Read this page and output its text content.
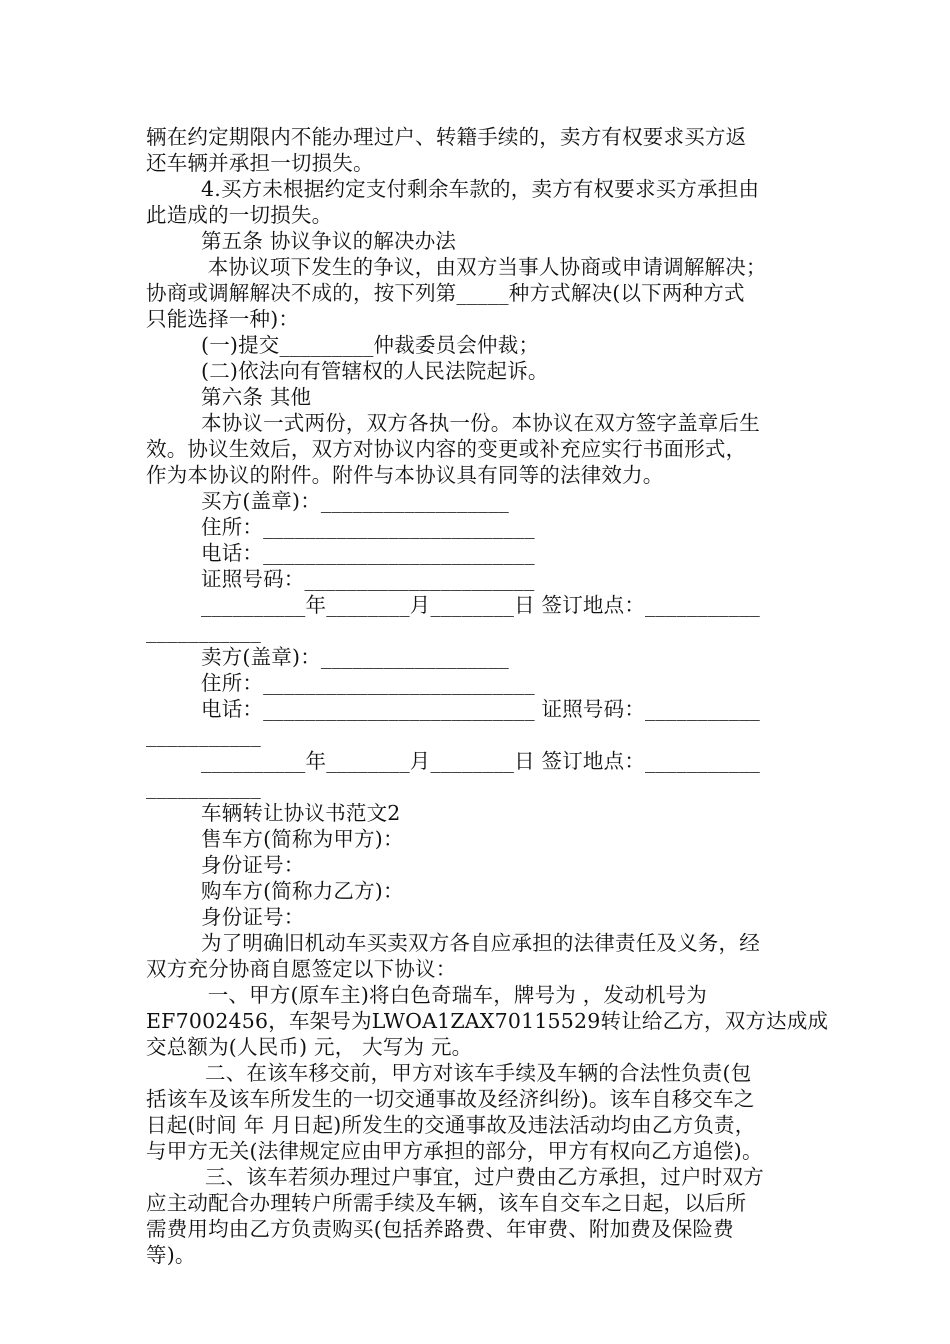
辆在约定期限内不能办理过户、转籍手续的，卖方有权要求买方返
还车辆并承担一切损失。
4.买方未根据约定支付剩余车款的，卖方有权要求买方承担由
此造成的一切损失。
第五条 协议争议的解决办法
本协议项下发生的争议，由双方当事人协商或申请调解解决；
协商或调解解决不成的，按下列第_____种方式解决(以下两种方式
只能选择一种)：
(一)提交_________仲裁委员会仲裁；
(二)依法向有管辖权的人民法院起诉。
第六条 其他
本协议一式两份，双方各执一份。本协议在双方签字盖章后生
效。协议生效后，双方对协议内容的变更或补充应实行书面形式，
作为本协议的附件。附件与本协议具有同等的法律效力。
买方(盖章)：__________________
住所：__________________________
电话：__________________________
证照号码：______________________
__________年________月________日 签订地点：___________
___________
卖方(盖章)：__________________
住所：__________________________
电话：__________________________ 证照号码：___________
___________
__________年________月________日 签订地点：___________
___________
车辆转让协议书范文2
售车方(简称为甲方)：
身份证号：
购车方(简称力乙方)：
身份证号：
为了明确旧机动车买卖双方各自应承担的法律责任及义务，经
双方充分协商自愿签定以下协议：
一、甲方(原车主)将白色奇瑞车，牌号为 ，发动机号为
EF7002456，车架号为LWOA1ZAX70115529转让给乙方，双方达成成
交总额为(人民币) 元， 大写为 元。
二、在该车移交前，甲方对该车手续及车辆的合法性负责(包
括该车及该车所发生的一切交通事故及经济纠纷)。该车自移交车之
日起(时间 年 月日起)所发生的交通事故及违法活动均由乙方负责，
与甲方无关(法律规定应由甲方承担的部分，甲方有权向乙方追偿)。
三、该车若须办理过户事宜，过户费由乙方承担，过户时双方
应主动配合办理转户所需手续及车辆，该车自交车之日起，以后所
需费用均由乙方负责购买(包括养路费、年审费、附加费及保险费
等)。
